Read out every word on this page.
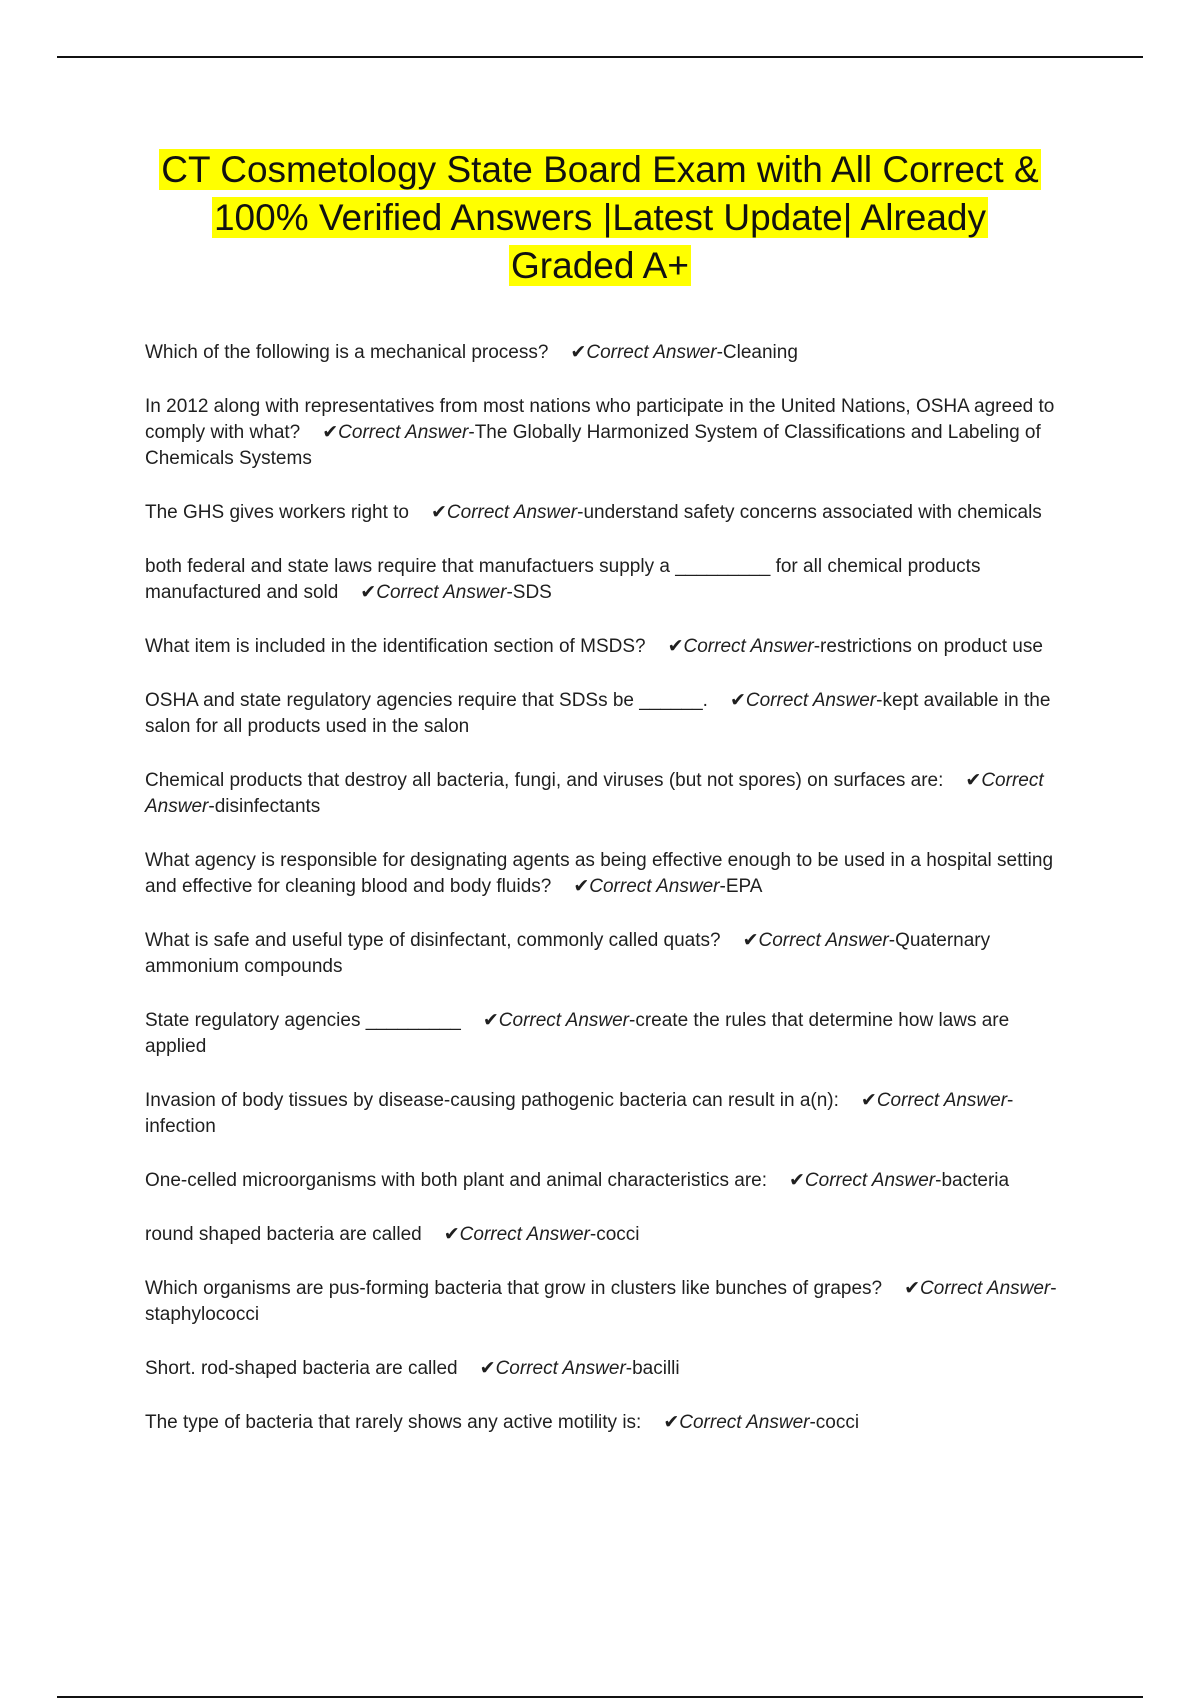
CT Cosmetology State Board Exam with All Correct &
100% Verified Answers |Latest Update| Already
Graded A+
Which of the following is a mechanical process? ✔Correct Answer-Cleaning
In 2012 along with representatives from most nations who participate in the United Nations, OSHA agreed to comply with what? ✔Correct Answer-The Globally Harmonized System of Classifications and Labeling of Chemicals Systems
The GHS gives workers right to ✔Correct Answer-understand safety concerns associated with chemicals
both federal and state laws require that manufactuers supply a _________ for all chemical products manufactured and sold ✔Correct Answer-SDS
What item is included in the identification section of MSDS? ✔Correct Answer-restrictions on product use
OSHA and state regulatory agencies require that SDSs be ______. ✔Correct Answer-kept available in the salon for all products used in the salon
Chemical products that destroy all bacteria, fungi, and viruses (but not spores) on surfaces are: ✔Correct Answer-disinfectants
What agency is responsible for designating agents as being effective enough to be used in a hospital setting and effective for cleaning blood and body fluids? ✔Correct Answer-EPA
What is safe and useful type of disinfectant, commonly called quats? ✔Correct Answer-Quaternary ammonium compounds
State regulatory agencies _________ ✔Correct Answer-create the rules that determine how laws are applied
Invasion of body tissues by disease-causing pathogenic bacteria can result in a(n): ✔Correct Answer-infection
One-celled microorganisms with both plant and animal characteristics are: ✔Correct Answer-bacteria
round shaped bacteria are called ✔Correct Answer-cocci
Which organisms are pus-forming bacteria that grow in clusters like bunches of grapes? ✔Correct Answer-staphylococci
Short. rod-shaped bacteria are called ✔Correct Answer-bacilli
The type of bacteria that rarely shows any active motility is: ✔Correct Answer-cocci
